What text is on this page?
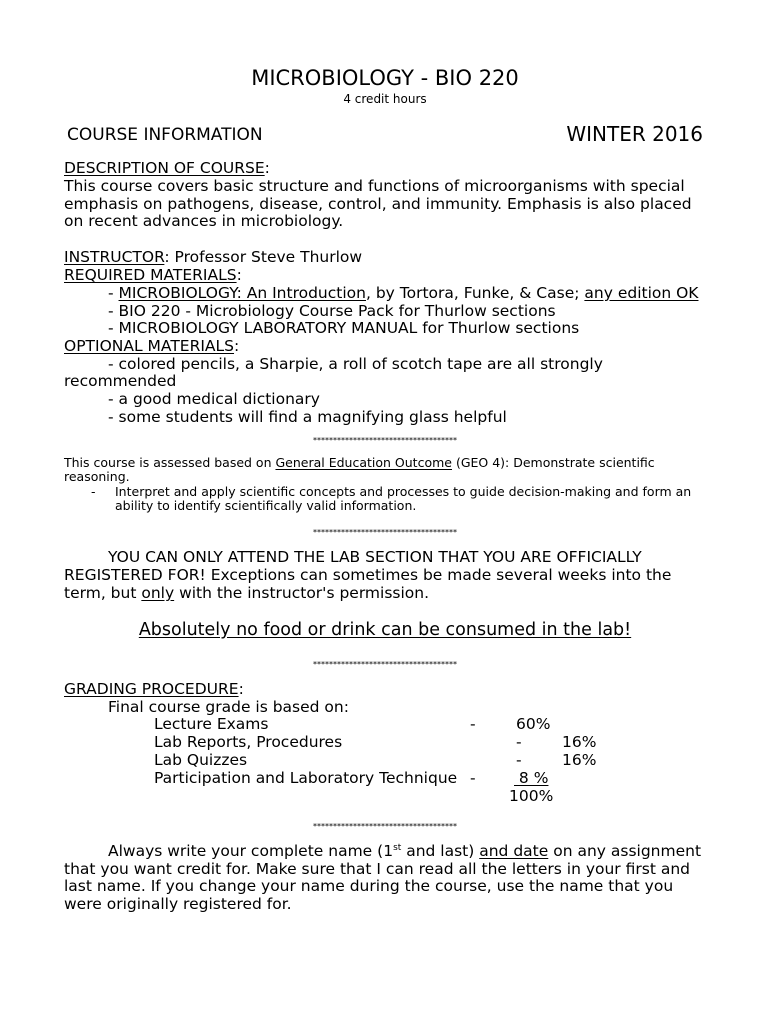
MICROBIOLOGY - BIO 220
4 credit hours
COURSE INFORMATION	WINTER 2016
DESCRIPTION OF COURSE:
This course covers basic structure and functions of microorganisms with special
emphasis on pathogens, disease, control, and immunity. Emphasis is also placed
on recent advances in microbiology.
INSTRUCTOR: Professor Steve Thurlow
REQUIRED MATERIALS:
- MICROBIOLOGY: An Introduction, by Tortora, Funke, & Case; any edition OK
- BIO 220 - Microbiology Course Pack for Thurlow sections
- MICROBIOLOGY LABORATORY MANUAL for Thurlow sections
OPTIONAL MATERIALS:
- colored pencils, a Sharpie, a roll of scotch tape are all strongly
recommended
- a good medical dictionary
- some students will find a magnifying glass helpful
************************************
This course is assessed based on General Education Outcome (GEO 4): Demonstrate scientific
reasoning.
- Interpret and apply scientific concepts and processes to guide decision-making and form an
ability to identify scientifically valid information.
************************************
YOU CAN ONLY ATTEND THE LAB SECTION THAT YOU ARE OFFICIALLY
REGISTERED FOR! Exceptions can sometimes be made several weeks into the
term, but only with the instructor's permission.
Absolutely no food or drink can be consumed in the lab!
************************************
GRADING PROCEDURE:
Final course grade is based on:
Lecture Exams	-	60%
Lab Reports, Procedures	-	16%
Lab Quizzes	-	16%
Participation and Laboratory Technique - 8 %
100%
************************************
Always write your complete name (1st and last) and date on any assignment
that you want credit for. Make sure that I can read all the letters in your first and
last name. If you change your name during the course, use the name that you
were originally registered for.
